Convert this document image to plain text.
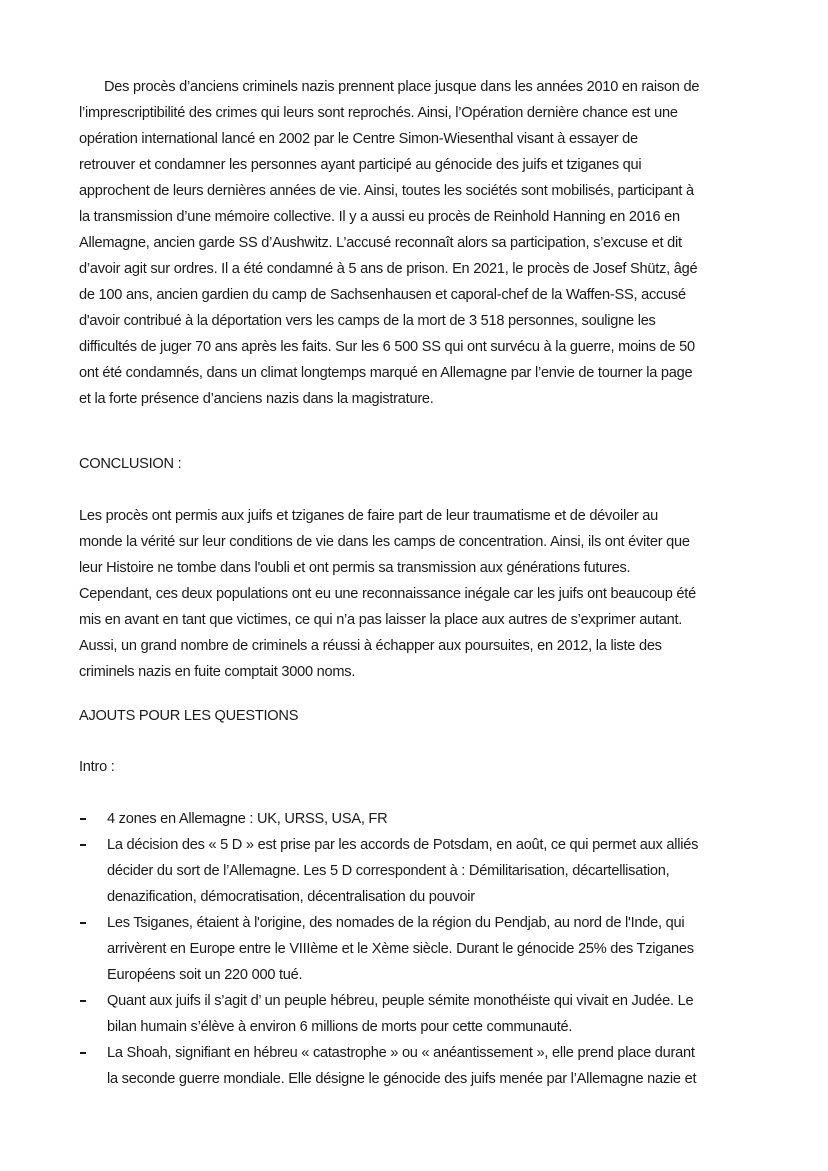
Des procès d’anciens criminels nazis prennent place jusque dans les années 2010 en raison de
l’imprescriptibilité des crimes qui leurs sont reprochés. Ainsi, l’Opération dernière chance est une
opération international lancé en 2002 par le Centre Simon-Wiesenthal visant à essayer de
retrouver et condamner les personnes ayant participé au génocide des juifs et tziganes qui
approchent de leurs dernières années de vie. Ainsi, toutes les sociétés sont mobilisés, participant à
la transmission d’une mémoire collective. Il y a aussi eu procès de Reinhold Hanning en 2016 en
Allemagne, ancien garde SS d’Aushwitz. L’accusé reconnaît alors sa participation, s’excuse et dit
d’avoir agit sur ordres. Il a été condamné à 5 ans de prison. En 2021, le procès de Josef Shütz, âgé
de 100 ans, ancien gardien du camp de Sachsenhausen et caporal-chef de la Waffen-SS, accusé
d'avoir contribué à la déportation vers les camps de la mort de 3 518 personnes, souligne les
difficultés de juger 70 ans après les faits. Sur les 6 500 SS qui ont survécu à la guerre, moins de 50
ont été condamnés, dans un climat longtemps marqué en Allemagne par l’envie de tourner la page
et la forte présence d’anciens nazis dans la magistrature.
CONCLUSION :
Les procès ont permis aux juifs et tziganes de faire part de leur traumatisme et de dévoiler au
monde la vérité sur leur conditions de vie dans les camps de concentration. Ainsi, ils ont éviter que
leur Histoire ne tombe dans l'oubli et ont permis sa transmission aux générations futures.
Cependant, ces deux populations ont eu une reconnaissance inégale car les juifs ont beaucoup été
mis en avant en tant que victimes, ce qui n’a pas laisser la place aux autres de s’exprimer autant.
Aussi, un grand nombre de criminels a réussi à échapper aux poursuites, en 2012, la liste des
criminels nazis en fuite comptait 3000 noms.
AJOUTS POUR LES QUESTIONS
Intro :
4 zones en Allemagne : UK, URSS, USA, FR
La décision des « 5 D » est prise par les accords de Potsdam, en août, ce qui permet aux alliés
décider du sort de l’Allemagne. Les 5 D correspondent à : Démilitarisation, décartellisation,
denazification, démocratisation, décentralisation du pouvoir
Les Tsiganes, étaient à l'origine, des nomades de la région du Pendjab, au nord de l'Inde, qui
arrivèrent en Europe entre le VIIIème et le Xème siècle. Durant le génocide 25% des Tziganes
Européens soit un 220 000 tué.
Quant aux juifs il s’agit d’ un peuple hébreu, peuple sémite monothéiste qui vivait en Judée. Le
bilan humain s’élève à environ 6 millions de morts pour cette communauté.
La Shoah, signifiant en hébreu « catastrophe » ou « anéantissement », elle prend place durant
la seconde guerre mondiale. Elle désigne le génocide des juifs menée par l’Allemagne nazie et
